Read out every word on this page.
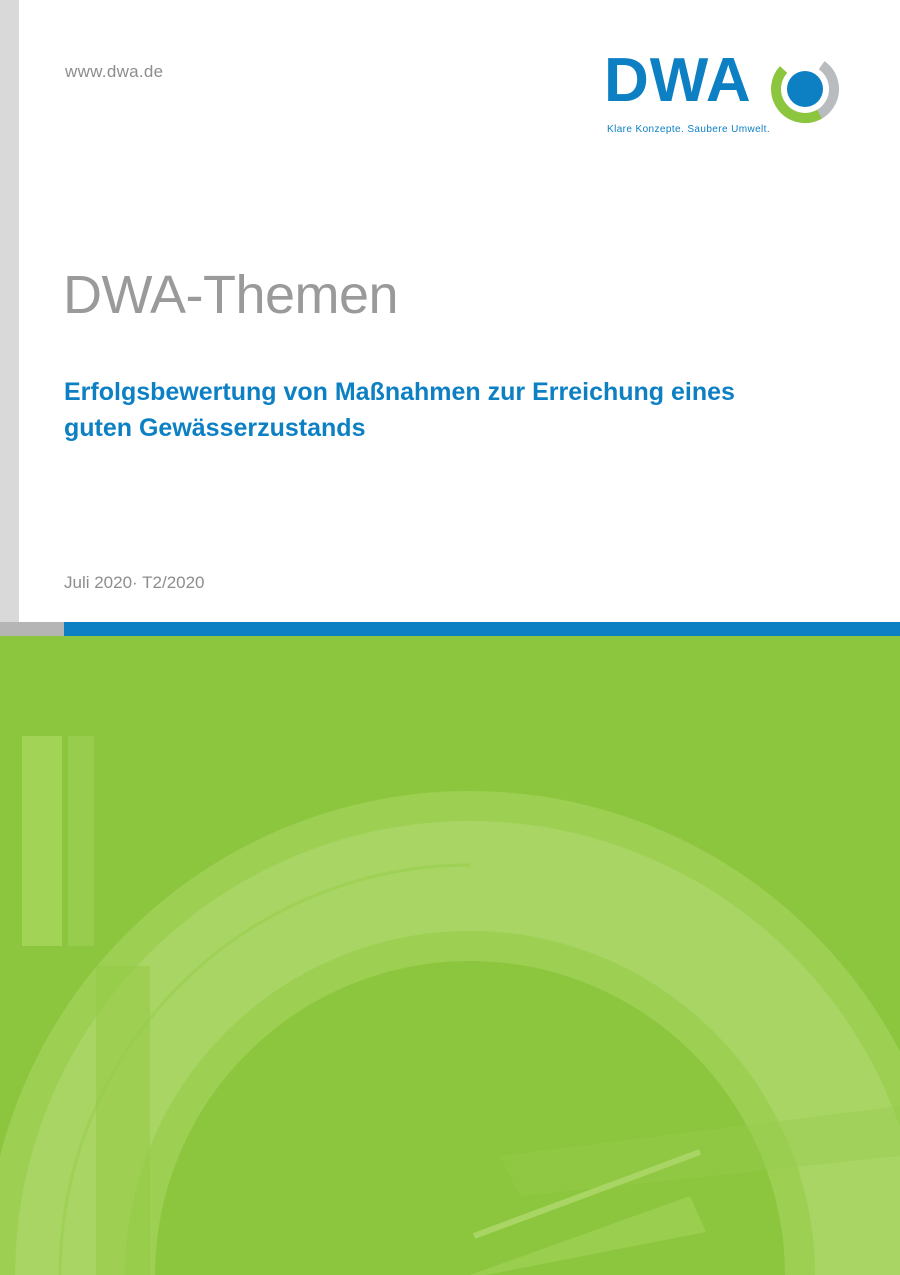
www.dwa.de	DWA
Klare Konzepte. Saubere Umwelt.
DWA-Themen
Erfolgsbewertung von Maßnahmen zur Erreichung eines guten Gewässerzustands
Juli 2020· T2/2020
